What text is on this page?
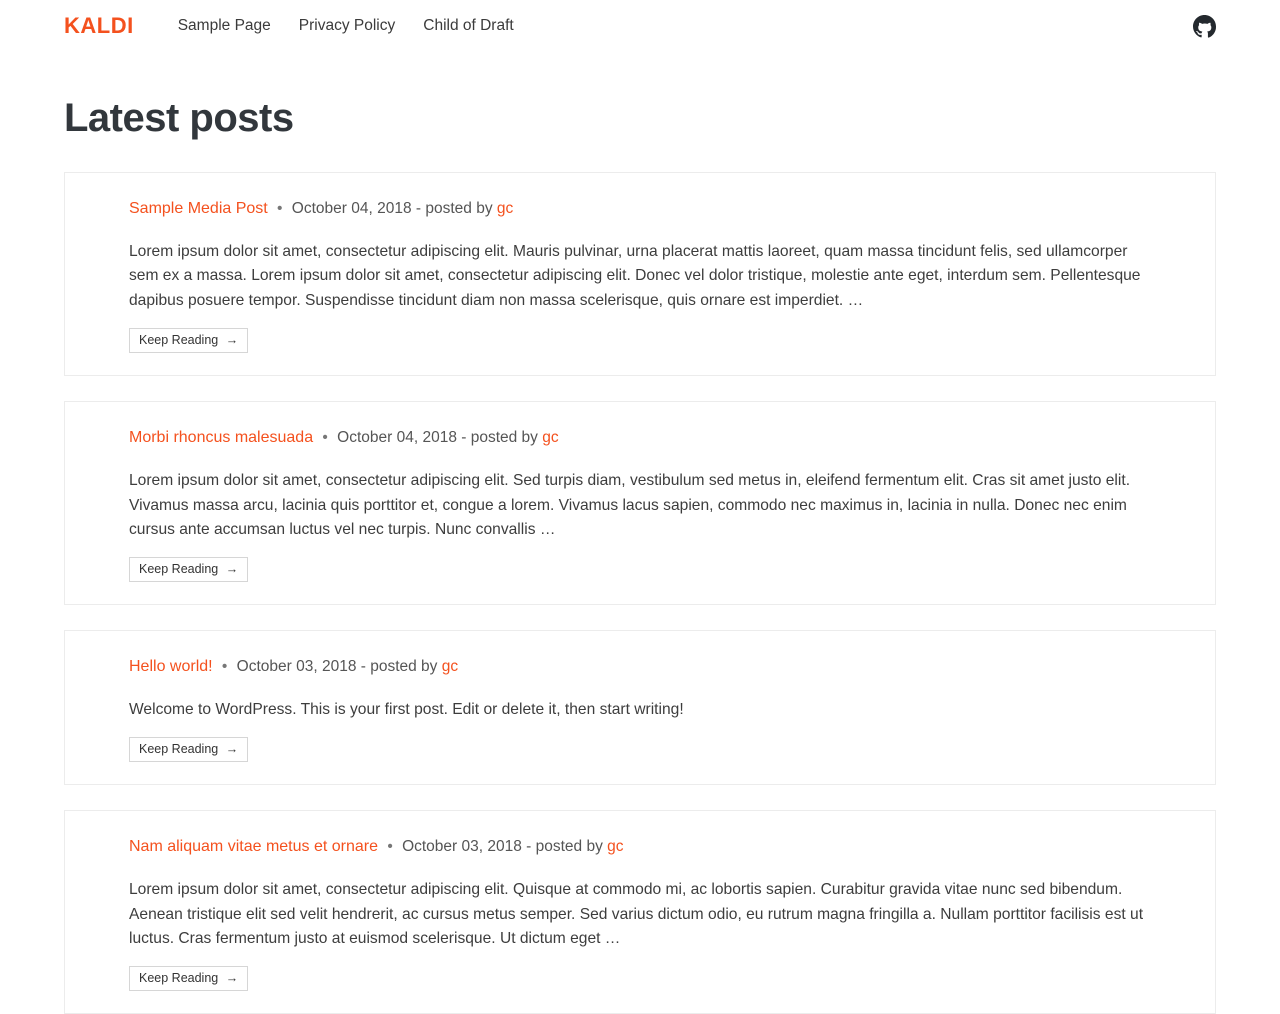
KALDI	Sample Page Privacy Policy Child of Draft
Latest posts
Sample Media Post • October 04, 2018 - posted by gc

Lorem ipsum dolor sit amet, consectetur adipiscing elit. Mauris pulvinar, urna placerat mattis laoreet, quam massa tincidunt felis, sed ullamcorper sem ex a massa. Lorem ipsum dolor sit amet, consectetur adipiscing elit. Donec vel dolor tristique, molestie ante eget, interdum sem. Pellentesque dapibus posuere tempor. Suspendisse tincidunt diam non massa scelerisque, quis ornare est imperdiet. …

Keep Reading →
Morbi rhoncus malesuada • October 04, 2018 - posted by gc

Lorem ipsum dolor sit amet, consectetur adipiscing elit. Sed turpis diam, vestibulum sed metus in, eleifend fermentum elit. Cras sit amet justo elit. Vivamus massa arcu, lacinia quis porttitor et, congue a lorem. Vivamus lacus sapien, commodo nec maximus in, lacinia in nulla. Donec nec enim cursus ante accumsan luctus vel nec turpis. Nunc convallis …

Keep Reading →
Hello world! • October 03, 2018 - posted by gc

Welcome to WordPress. This is your first post. Edit or delete it, then start writing!

Keep Reading →
Nam aliquam vitae metus et ornare • October 03, 2018 - posted by gc

Lorem ipsum dolor sit amet, consectetur adipiscing elit. Quisque at commodo mi, ac lobortis sapien. Curabitur gravida vitae nunc sed bibendum. Aenean tristique elit sed velit hendrerit, ac cursus metus semper. Sed varius dictum odio, eu rutrum magna fringilla a. Nullam porttitor facilisis est ut luctus. Cras fermentum justo at euismod scelerisque. Ut dictum eget …

Keep Reading →
